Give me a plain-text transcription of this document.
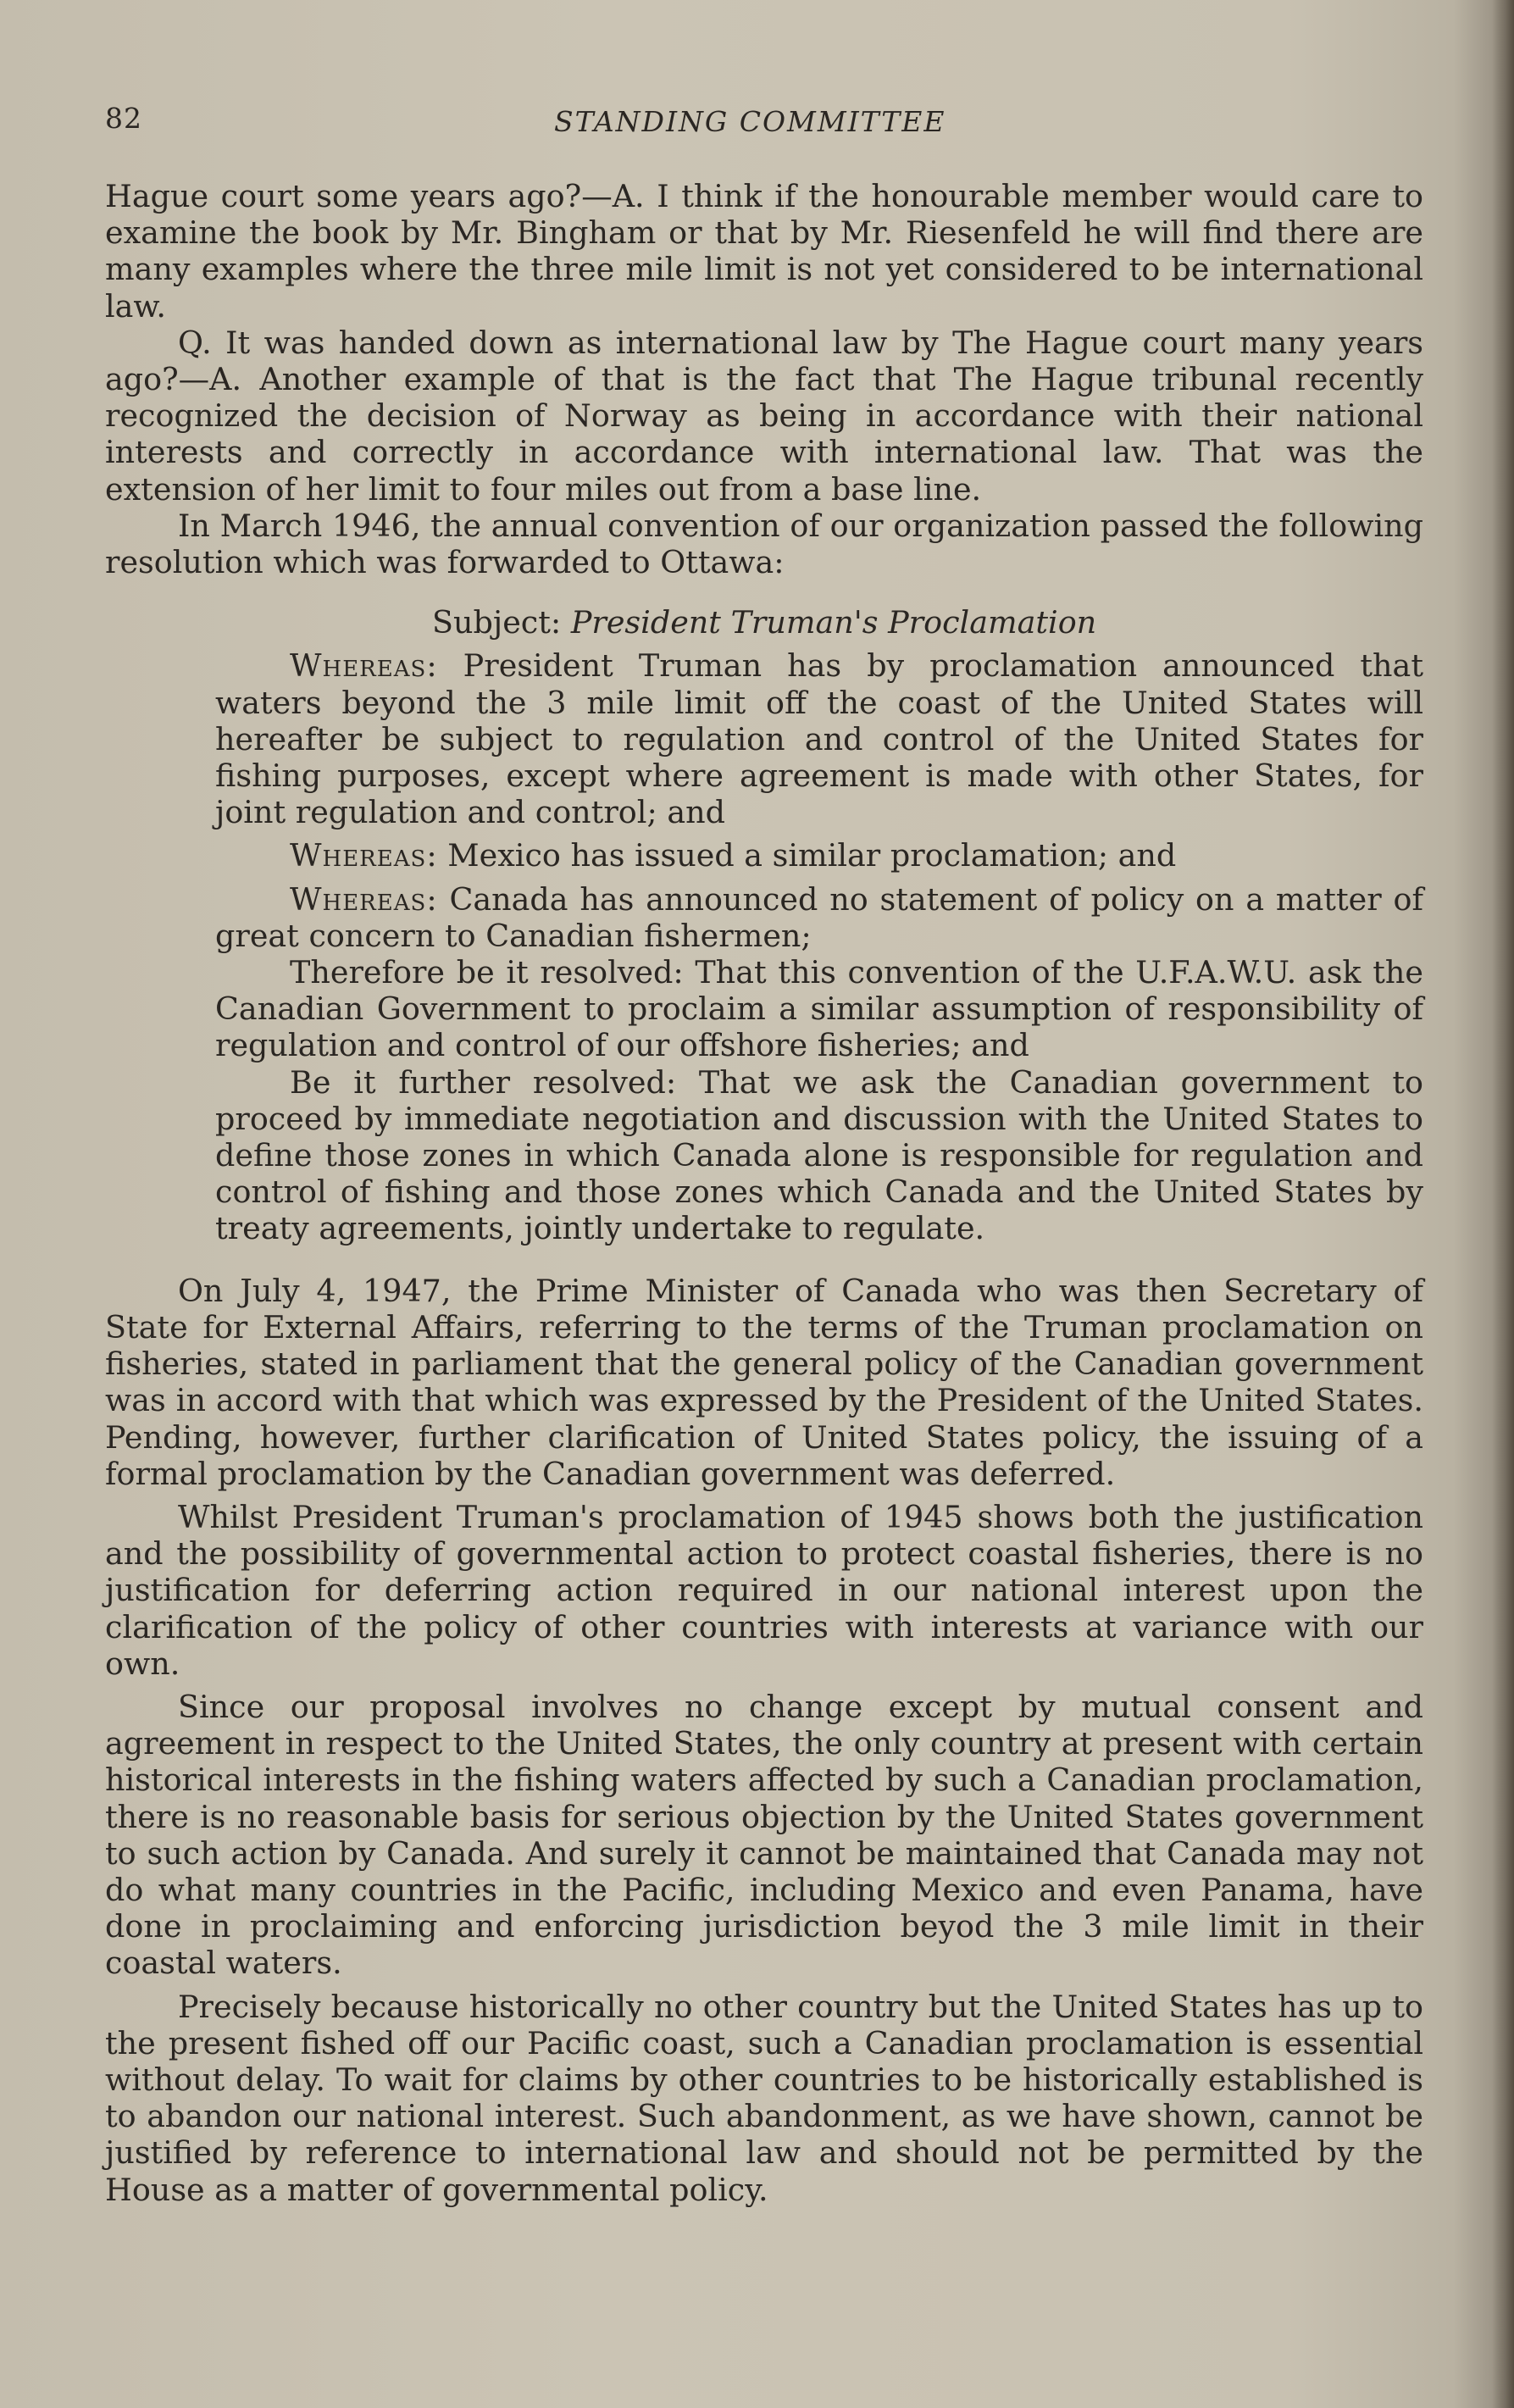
82	STANDING COMMITTEE

Hague court some years ago?—A. I think if the honourable member would care to examine the book by Mr. Bingham or that by Mr. Riesenfeld he will find there are many examples where the three mile limit is not yet considered to be international law.

Q. It was handed down as international law by The Hague court many years ago?—A. Another example of that is the fact that The Hague tribunal recently recognized the decision of Norway as being in accordance with their national interests and correctly in accordance with international law. That was the extension of her limit to four miles out from a base line.

In March 1946, the annual convention of our organization passed the following resolution which was forwarded to Ottawa:

Subject: President Truman's Proclamation

Whereas: President Truman has by proclamation announced that waters beyond the 3 mile limit off the coast of the United States will hereafter be subject to regulation and control of the United States for fishing purposes, except where agreement is made with other States, for joint regulation and control; and

Whereas: Mexico has issued a similar proclamation; and

Whereas: Canada has announced no statement of policy on a matter of great concern to Canadian fishermen;

Therefore be it resolved: That this convention of the U.F.A.W.U. ask the Canadian Government to proclaim a similar assumption of responsibility of regulation and control of our offshore fisheries; and

Be it further resolved: That we ask the Canadian government to proceed by immediate negotiation and discussion with the United States to define those zones in which Canada alone is responsible for regulation and control of fishing and those zones which Canada and the United States by treaty agreements, jointly undertake to regulate.

On July 4, 1947, the Prime Minister of Canada who was then Secretary of State for External Affairs, referring to the terms of the Truman proclamation on fisheries, stated in parliament that the general policy of the Canadian government was in accord with that which was expressed by the President of the United States. Pending, however, further clarification of United States policy, the issuing of a formal proclamation by the Canadian government was deferred.

Whilst President Truman's proclamation of 1945 shows both the justification and the possibility of governmental action to protect coastal fisheries, there is no justification for deferring action required in our national interest upon the clarification of the policy of other countries with interests at variance with our own.

Since our proposal involves no change except by mutual consent and agreement in respect to the United States, the only country at present with certain historical interests in the fishing waters affected by such a Canadian proclamation, there is no reasonable basis for serious objection by the United States government to such action by Canada. And surely it cannot be maintained that Canada may not do what many countries in the Pacific, including Mexico and even Panama, have done in proclaiming and enforcing jurisdiction beyod the 3 mile limit in their coastal waters.

Precisely because historically no other country but the United States has up to the present fished off our Pacific coast, such a Canadian proclamation is essential without delay. To wait for claims by other countries to be historically established is to abandon our national interest. Such abandonment, as we have shown, cannot be justified by reference to international law and should not be permitted by the House as a matter of governmental policy.
